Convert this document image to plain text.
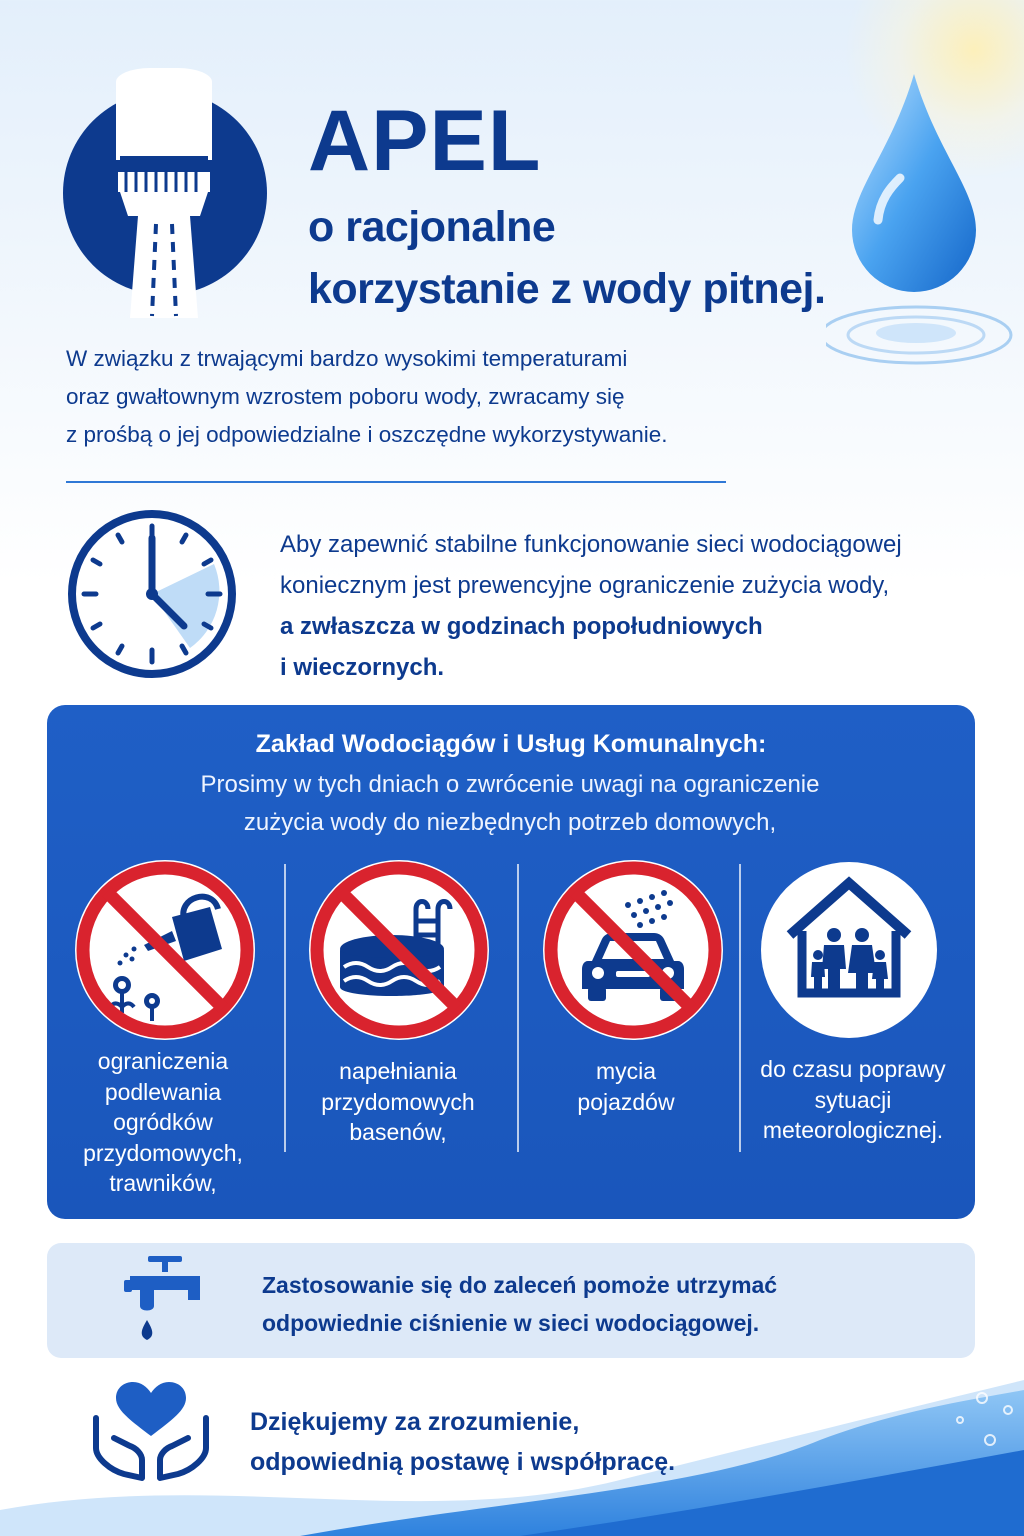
APEL
o racjonalne
korzystanie z wody pitnej.
W związku z trwającymi bardzo wysokimi temperaturami
oraz gwałtownym wzrostem poboru wody, zwracamy się
z prośbą o jej odpowiedzialne i oszczędne wykorzystywanie.
Aby zapewnić stabilne funkcjonowanie sieci wodociągowej
koniecznym jest prewencyjne ograniczenie zużycia wody,
a zwłaszcza w godzinach popołudniowych
i wieczornych.
Zakład Wodociągów i Usług Komunalnych:
Prosimy w tych dniach o zwrócenie uwagi na ograniczenie
zużycia wody do niezbędnych potrzeb domowych,
ograniczenia
podlewania
ogródków
przydomowych,
trawników,
napełniania
przydomowych
basenów,
mycia
pojazdów
do czasu poprawy
sytuacji
meteorologicznej.
Zastosowanie się do zaleceń pomoże utrzymać
odpowiednie ciśnienie w sieci wodociągowej.
Dziękujemy za zrozumienie,
odpowiednią postawę i współpracę.
